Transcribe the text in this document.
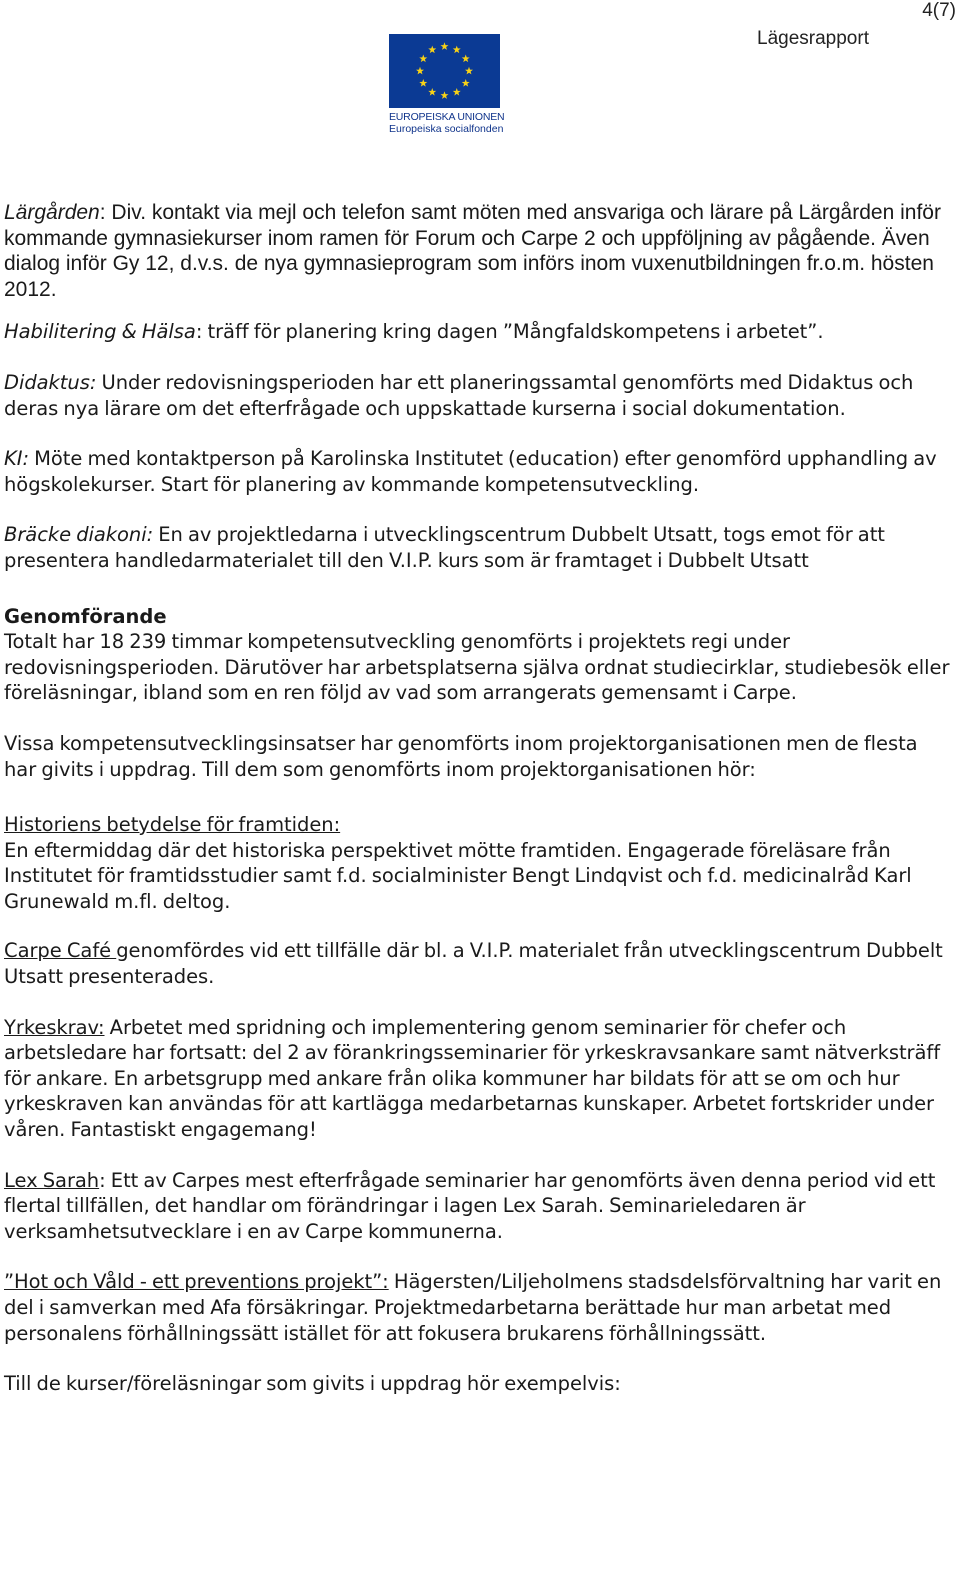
4(7)
Lägesrapport
EUROPEISKA UNIONEN
Europeiska socialfonden

Lärgården: Div. kontakt via mejl och telefon samt möten med ansvariga och lärare på Lärgården inför kommande gymnasiekurser inom ramen för Forum och Carpe 2 och uppföljning av pågående. Även dialog inför Gy 12, d.v.s. de nya gymnasieprogram som införs inom vuxenutbildningen fr.o.m. hösten 2012.

Habilitering & Hälsa: träff för planering kring dagen ”Mångfaldskompetens i arbetet”.

Didaktus: Under redovisningsperioden har ett planeringssamtal genomförts med Didaktus och deras nya lärare om det efterfrågade och uppskattade kurserna i social dokumentation.

KI: Möte med kontaktperson på Karolinska Institutet (education) efter genomförd upphandling av högskolekurser. Start för planering av kommande kompetensutveckling.

Bräcke diakoni: En av projektledarna i utvecklingscentrum Dubbelt Utsatt, togs emot för att presentera handledarmaterialet till den V.I.P. kurs som är framtaget i Dubbelt Utsatt

Genomförande

Totalt har 18 239 timmar kompetensutveckling genomförts i projektets regi under redovisningsperioden. Därutöver har arbetsplatserna själva ordnat studiecirklar, studiebesök eller föreläsningar, ibland som en ren följd av vad som arrangerats gemensamt i Carpe.

Vissa kompetensutvecklingsinsatser har genomförts inom projektorganisationen men de flesta har givits i uppdrag. Till dem som genomförts inom projektorganisationen hör:

Historiens betydelse för framtiden:

En eftermiddag där det historiska perspektivet mötte framtiden. Engagerade föreläsare från Institutet för framtidsstudier samt f.d. socialminister Bengt Lindqvist och f.d. medicinalråd Karl Grunewald m.fl. deltog.

Carpe Café genomfördes vid ett tillfälle där bl. a V.I.P. materialet från utvecklingscentrum Dubbelt Utsatt presenterades.

Yrkeskrav: Arbetet med spridning och implementering genom seminarier för chefer och arbetsledare har fortsatt: del 2 av förankringsseminarier för yrkeskravsankare samt nätverksträff för ankare. En arbetsgrupp med ankare från olika kommuner har bildats för att se om och hur yrkeskraven kan användas för att kartlägga medarbetarnas kunskaper. Arbetet fortskrider under våren. Fantastiskt engagemang!

Lex Sarah: Ett av Carpes mest efterfrågade seminarier har genomförts även denna period vid ett flertal tillfällen, det handlar om förändringar i lagen Lex Sarah. Seminarieledaren är verksamhetsutvecklare i en av Carpe kommunerna.

”Hot och Våld - ett preventions projekt”: Hägersten/Liljeholmens stadsdelsförvaltning har varit en del i samverkan med Afa försäkringar. Projektmedarbetarna berättade hur man arbetat med personalens förhållningssätt istället för att fokusera brukarens förhållningssätt.

Till de kurser/föreläsningar som givits i uppdrag hör exempelvis:
